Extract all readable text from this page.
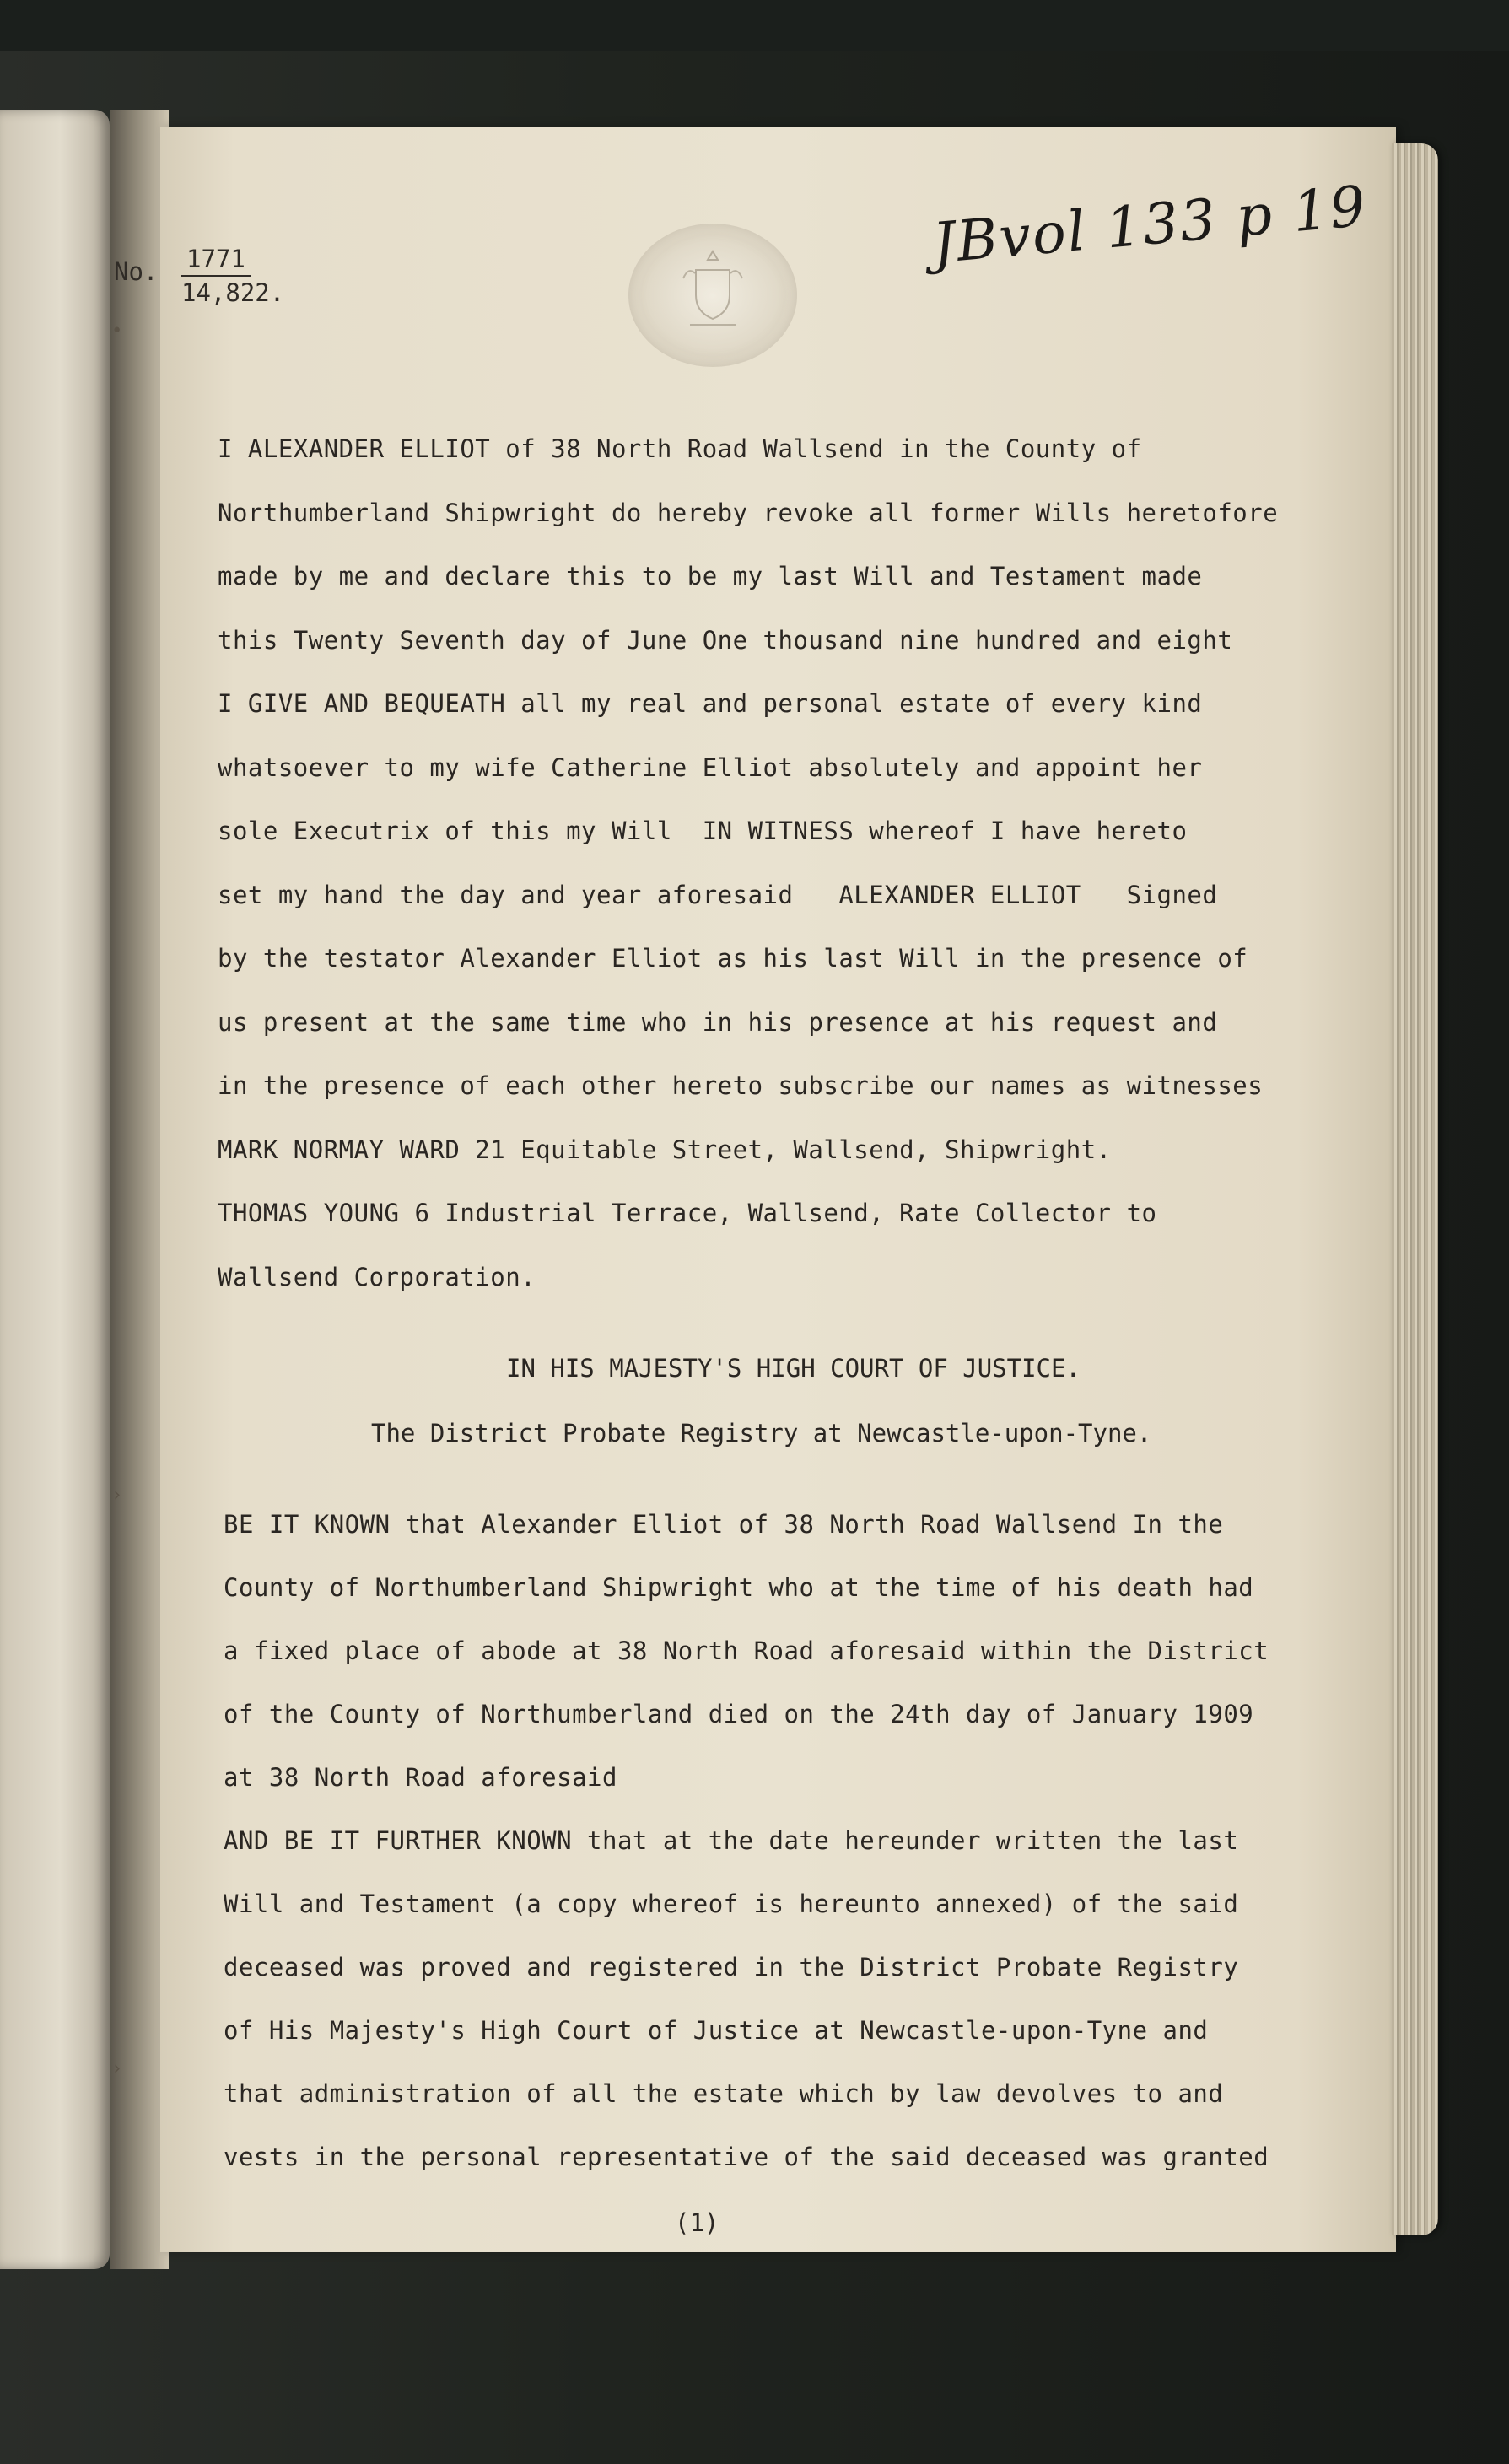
•
›
›
No. $\frac{1771}{14,822.}$	JBvol 133 p 19
I ALEXANDER ELLIOT of 38 North Road Wallsend in the County of
Northumberland Shipwright do hereby revoke all former Wills heretofore
made by me and declare this to be my last Will and Testament made
this Twenty Seventh day of June One thousand nine hundred and eight
I GIVE AND BEQUEATH all my real and personal estate of every kind
whatsoever to my wife Catherine Elliot absolutely and appoint her
sole Executrix of this my Will  IN WITNESS whereof I have hereto
set my hand the day and year aforesaid   ALEXANDER ELLIOT   Signed
by the testator Alexander Elliot as his last Will in the presence of
us present at the same time who in his presence at his request and
in the presence of each other hereto subscribe our names as witnesses
MARK NORMAY WARD 21 Equitable Street, Wallsend, Shipwright.
THOMAS YOUNG 6 Industrial Terrace, Wallsend, Rate Collector to
Wallsend Corporation.
IN HIS MAJESTY'S HIGH COURT OF JUSTICE.
The District Probate Registry at Newcastle-upon-Tyne.
BE IT KNOWN that Alexander Elliot of 38 North Road Wallsend In the
County of Northumberland Shipwright who at the time of his death had
a fixed place of abode at 38 North Road aforesaid within the District
of the County of Northumberland died on the 24th day of January 1909
at 38 North Road aforesaid
AND BE IT FURTHER KNOWN that at the date hereunder written the last
Will and Testament (a copy whereof is hereunto annexed) of the said
deceased was proved and registered in the District Probate Registry
of His Majesty's High Court of Justice at Newcastle-upon-Tyne and
that administration of all the estate which by law devolves to and
vests in the personal representative of the said deceased was granted
(1)
